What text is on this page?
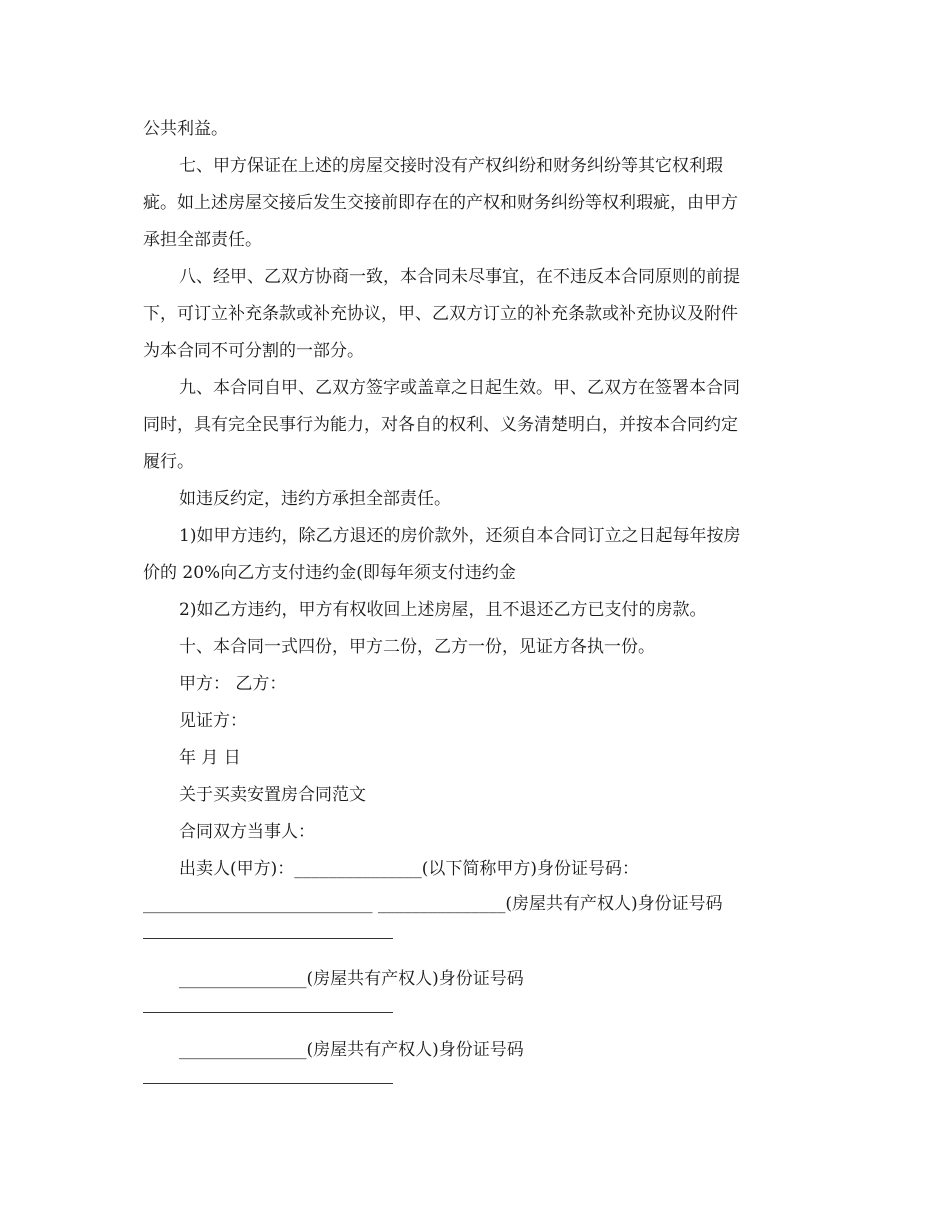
公共利益。
七、甲方保证在上述的房屋交接时没有产权纠纷和财务纠纷等其它权利瑕
疵。如上述房屋交接后发生交接前即存在的产权和财务纠纷等权利瑕疵，由甲方
承担全部责任。
八、经甲、乙双方协商一致，本合同未尽事宜，在不违反本合同原则的前提
下，可订立补充条款或补充协议，甲、乙双方订立的补充条款或补充协议及附件
为本合同不可分割的一部分。
九、本合同自甲、乙双方签字或盖章之日起生效。甲、乙双方在签署本合同
同时，具有完全民事行为能力，对各自的权利、义务清楚明白，并按本合同约定
履行。
如违反约定，违约方承担全部责任。
1)如甲方违约，除乙方退还的房价款外，还须自本合同订立之日起每年按房
价的 20%向乙方支付违约金(即每年须支付违约金
2)如乙方违约，甲方有权收回上述房屋，且不退还乙方已支付的房款。
十、本合同一式四份，甲方二份，乙方一份，见证方各执一份。
甲方： 乙方：
见证方：
年 月 日
关于买卖安置房合同范文
合同双方当事人：
出卖人(甲方)：_______________(以下简称甲方)身份证号码：
___________________________ _______________(房屋共有产权人)身份证号码
_______________(房屋共有产权人)身份证号码
_______________(房屋共有产权人)身份证号码
